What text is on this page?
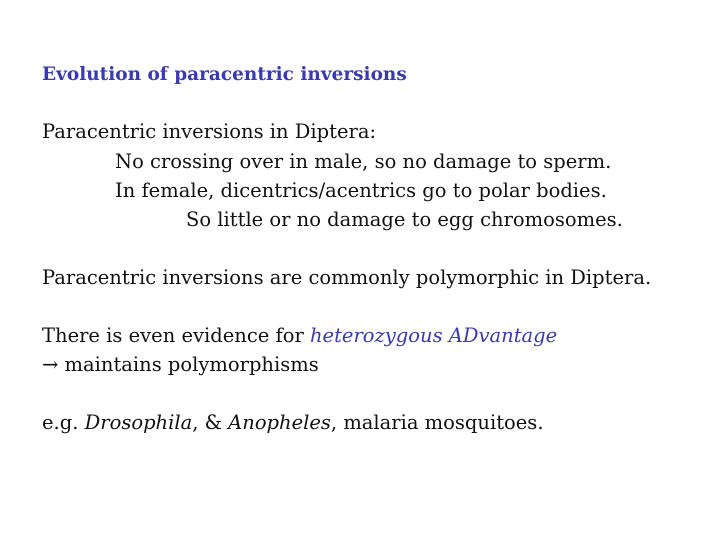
Evolution of paracentric inversions
Paracentric inversions in Diptera:
No crossing over in male, so no damage to sperm.
In female, dicentrics/acentrics go to polar bodies.
So little or no damage to egg chromosomes.
Paracentric inversions are commonly polymorphic in Diptera.
There is even evidence for heterozygous ADvantage
→ maintains polymorphisms
e.g. Drosophila, & Anopheles, malaria mosquitoes.
